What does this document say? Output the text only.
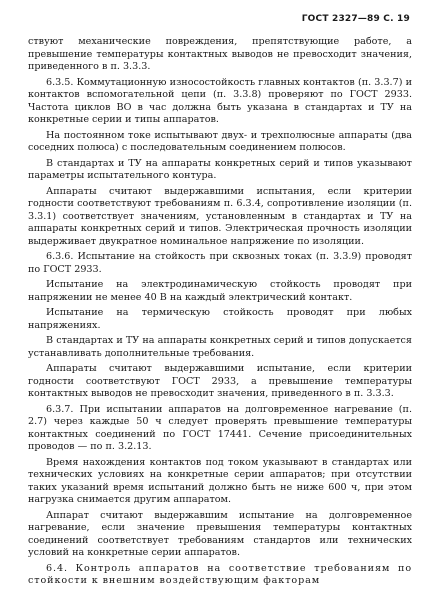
ГОСТ 2327—89 С. 19

ствуют механические повреждения, препятствующие работе, а превышение температуры контактных выводов не превосходит значения, приведенного в п. 3.3.3.

6.3.5. Коммутационную износостойкость главных контактов (п. 3.3.7) и контактов вспомогательной цепи (п. 3.3.8) проверяют по ГОСТ 2933. Частота циклов ВО в час должна быть указана в стандартах и ТУ на конкретные серии и типы аппаратов.

На постоянном токе испытывают двух- и трехполюсные аппараты (два соседних полюса) с последовательным соединением полюсов.

В стандартах и ТУ на аппараты конкретных серий и типов указывают параметры испытательного контура.

Аппараты считают выдержавшими испытания, если критерии годности соответствуют требованиям п. 6.3.4, сопротивление изоляции (п. 3.3.1) соответствует значениям, установленным в стандартах и ТУ на аппараты конкретных серий и типов. Электрическая прочность изоляции выдерживает двукратное номинальное напряжение по изоляции.

6.3.6. Испытание на стойкость при сквозных токах (п. 3.3.9) проводят по ГОСТ 2933.

Испытание на электродинамическую стойкость проводят при напряжении не менее 40 В на каждый электрический контакт.

Испытание на термическую стойкость проводят при любых напряжениях.

В стандартах и ТУ на аппараты конкретных серий и типов допускается устанавливать дополнительные требования.

Аппараты считают выдержавшими испытание, если критерии годности соответствуют ГОСТ 2933, а превышение температуры контактных выводов не превосходит значения, приведенного в п. 3.3.3.

6.3.7. При испытании аппаратов на долговременное нагревание (п. 2.7) через каждые 50 ч следует проверять превышение температуры контактных соединений по ГОСТ 17441. Сечение присоединительных проводов — по п. 3.2.13.

Время нахождения контактов под током указывают в стандартах или технических условиях на конкретные серии аппаратов; при отсутствии таких указаний время испытаний должно быть не ниже 600 ч, при этом нагрузка снимается другим аппаратом.

Аппарат считают выдержавшим испытание на долговременное нагревание, если значение превышения температуры контактных соединений соответствует требованиям стандартов или технических условий на конкретные серии аппаратов.

6.4. Контроль аппаратов на соответствие требованиям по стойкости к внешним воздействующим факторам
